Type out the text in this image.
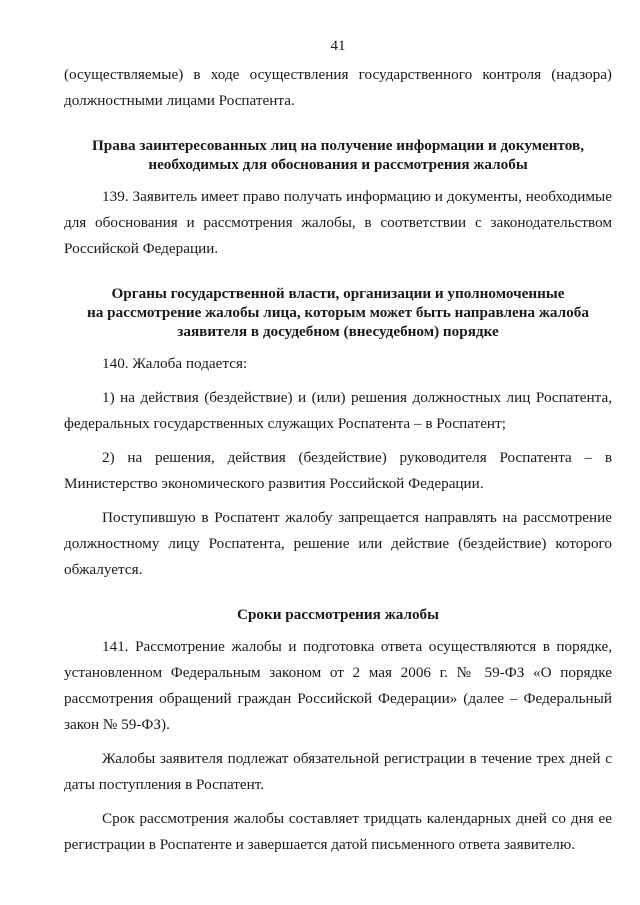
41

(осуществляемые) в ходе осуществления государственного контроля (надзора) должностными лицами Роспатента.

Права заинтересованных лиц на получение информации и документов,
необходимых для обоснования и рассмотрения жалобы

139. Заявитель имеет право получать информацию и документы, необходимые для обоснования и рассмотрения жалобы, в соответствии с законодательством Российской Федерации.

Органы государственной власти, организации и уполномоченные
на рассмотрение жалобы лица, которым может быть направлена жалоба
заявителя в досудебном (внесудебном) порядке

140. Жалоба подается:

1) на действия (бездействие) и (или) решения должностных лиц Роспатента, федеральных государственных служащих Роспатента – в Роспатент;

2) на решения, действия (бездействие) руководителя Роспатента – в Министерство экономического развития Российской Федерации.

Поступившую в Роспатент жалобу запрещается направлять на рассмотрение должностному лицу Роспатента, решение или действие (бездействие) которого обжалуется.

Сроки рассмотрения жалобы

141. Рассмотрение жалобы и подготовка ответа осуществляются в порядке, установленном Федеральным законом от 2 мая 2006 г. № 59-ФЗ «О порядке рассмотрения обращений граждан Российской Федерации» (далее – Федеральный закон № 59-ФЗ).

Жалобы заявителя подлежат обязательной регистрации в течение трех дней с даты поступления в Роспатент.

Срок рассмотрения жалобы составляет тридцать календарных дней со дня ее регистрации в Роспатенте и завершается датой письменного ответа заявителю.
